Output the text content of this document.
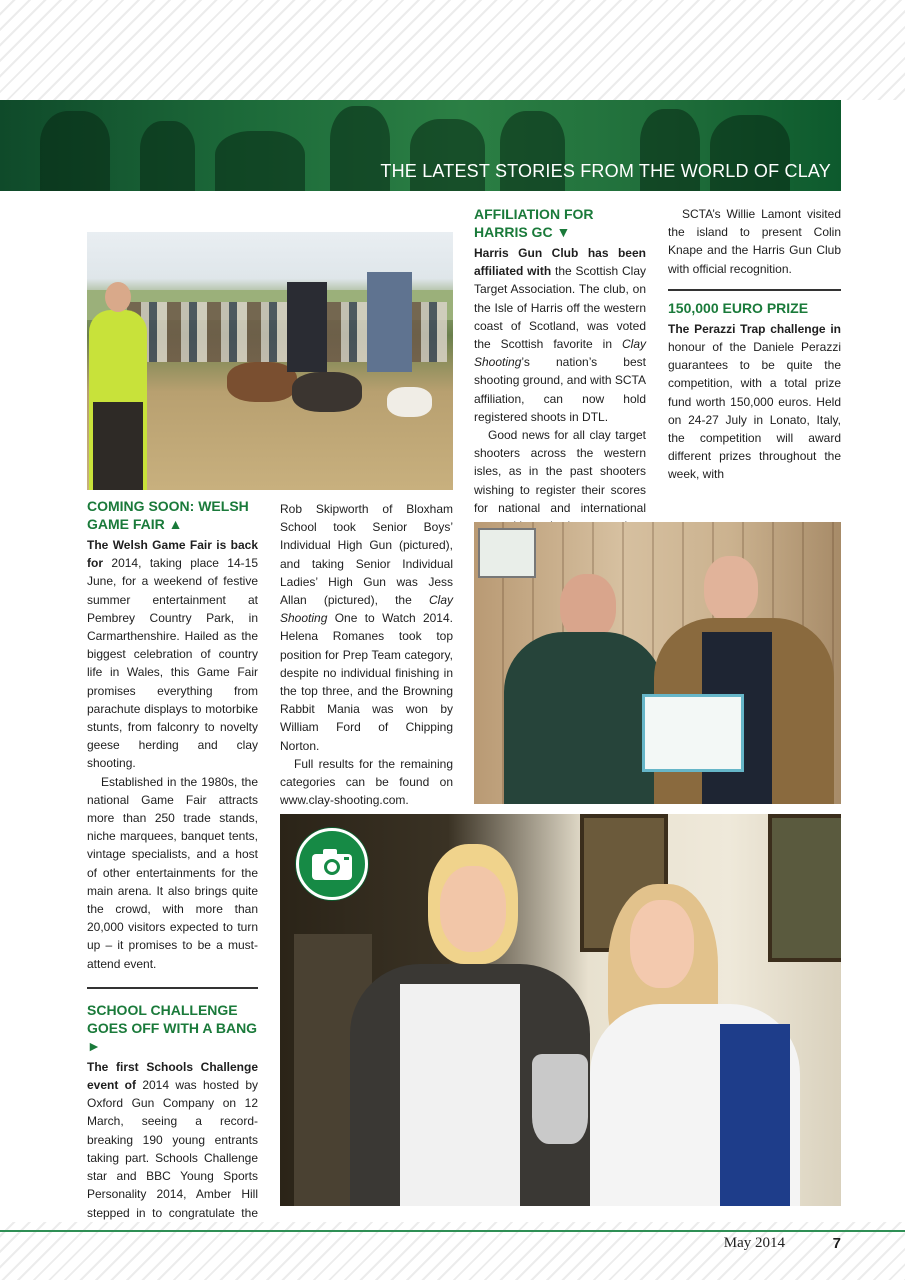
THE LATEST STORIES FROM THE WORLD OF CLAY
COMING SOON: WELSH GAME FAIR ▲

The Welsh Game Fair is back for 2014, taking place 14-15 June, for a weekend of festive summer entertainment at Pembrey Country Park, in Carmarthenshire. Hailed as the biggest celebration of country life in Wales, this Game Fair promises everything from parachute displays to motorbike stunts, from falconry to novelty geese herding and clay shooting.

Established in the 1980s, the national Game Fair attracts more than 250 trade stands, niche marquees, banquet tents, vintage specialists, and a host of other entertainments for the main arena. It also brings quite the crowd, with more than 20,000 visitors expected to turn up – it promises to be a must-attend event.

SCHOOL CHALLENGE GOES OFF WITH A BANG ►

The first Schools Challenge event of 2014 was hosted by Oxford Gun Company on 12 March, seeing a record-breaking 190 young entrants taking part. Schools Challenge star and BBC Young Sports Personality 2014, Amber Hill stepped in to congratulate the

Rob Skipworth of Bloxham School took Senior Boys’ Individual High Gun (pictured), and taking Senior Individual Ladies’ High Gun was Jess Allan (pictured), the Clay Shooting One to Watch 2014. Helena Romanes took top position for Prep Team category, despite no individual finishing in the top three, and the Browning Rabbit Mania was won by William Ford of Chipping Norton.

Full results for the remaining categories can be found on www.clay-shooting.com.

AFFILIATION FOR HARRIS GC ▼

Harris Gun Club has been affiliated with the Scottish Clay Target Association. The club, on the Isle of Harris off the western coast of Scotland, was voted the Scottish favorite in Clay Shooting’s nation’s best shooting ground, and with SCTA affiliation, can now hold registered shoots in DTL.

Good news for all clay target shooters across the western isles, as in the past shooters wishing to register their scores for national and international

SCTA’s Willie Lamont visited the island to present Colin Knape and the Harris Gun Club with official recognition.

150,000 EURO PRIZE

The Perazzi Trap challenge in honour of the Daniele Perazzi guarantees to be quite the competition, with a total prize fund worth 150,000 euros. Held on 24-27 July in Lonato, Italy, the competition will award different prizes throughout the week, with

May 2014	7
